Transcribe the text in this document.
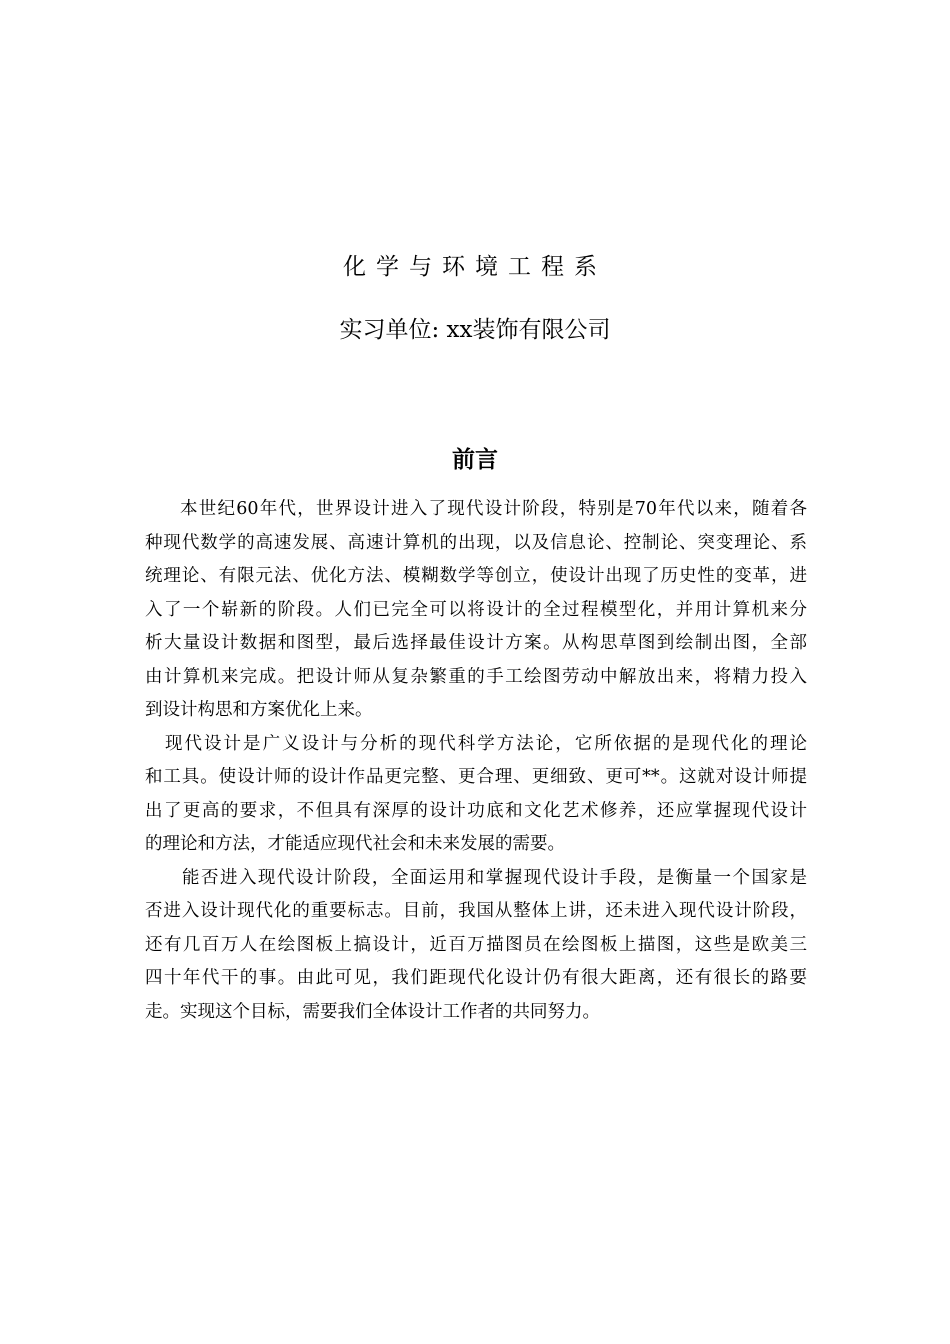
化学与环境工程系
实习单位: xx装饰有限公司
前言
本世纪60年代，世界设计进入了现代设计阶段，特别是70年代以来，随着各
种现代数学的高速发展、高速计算机的出现，以及信息论、控制论、突变理论、系
统理论、有限元法、优化方法、模糊数学等创立，使设计出现了历史性的变革，进
入了一个崭新的阶段。人们已完全可以将设计的全过程模型化，并用计算机来分
析大量设计数据和图型，最后选择最佳设计方案。从构思草图到绘制出图，全部
由计算机来完成。把设计师从复杂繁重的手工绘图劳动中解放出来，将精力投入
到设计构思和方案优化上来。
现代设计是广义设计与分析的现代科学方法论，它所依据的是现代化的理论
和工具。使设计师的设计作品更完整、更合理、更细致、更可**。这就对设计师提
出了更高的要求，不但具有深厚的设计功底和文化艺术修养，还应掌握现代设计
的理论和方法，才能适应现代社会和未来发展的需要。
能否进入现代设计阶段，全面运用和掌握现代设计手段，是衡量一个国家是
否进入设计现代化的重要标志。目前，我国从整体上讲，还未进入现代设计阶段，
还有几百万人在绘图板上搞设计，近百万描图员在绘图板上描图，这些是欧美三
四十年代干的事。由此可见，我们距现代化设计仍有很大距离，还有很长的路要
走。实现这个目标，需要我们全体设计工作者的共同努力。
